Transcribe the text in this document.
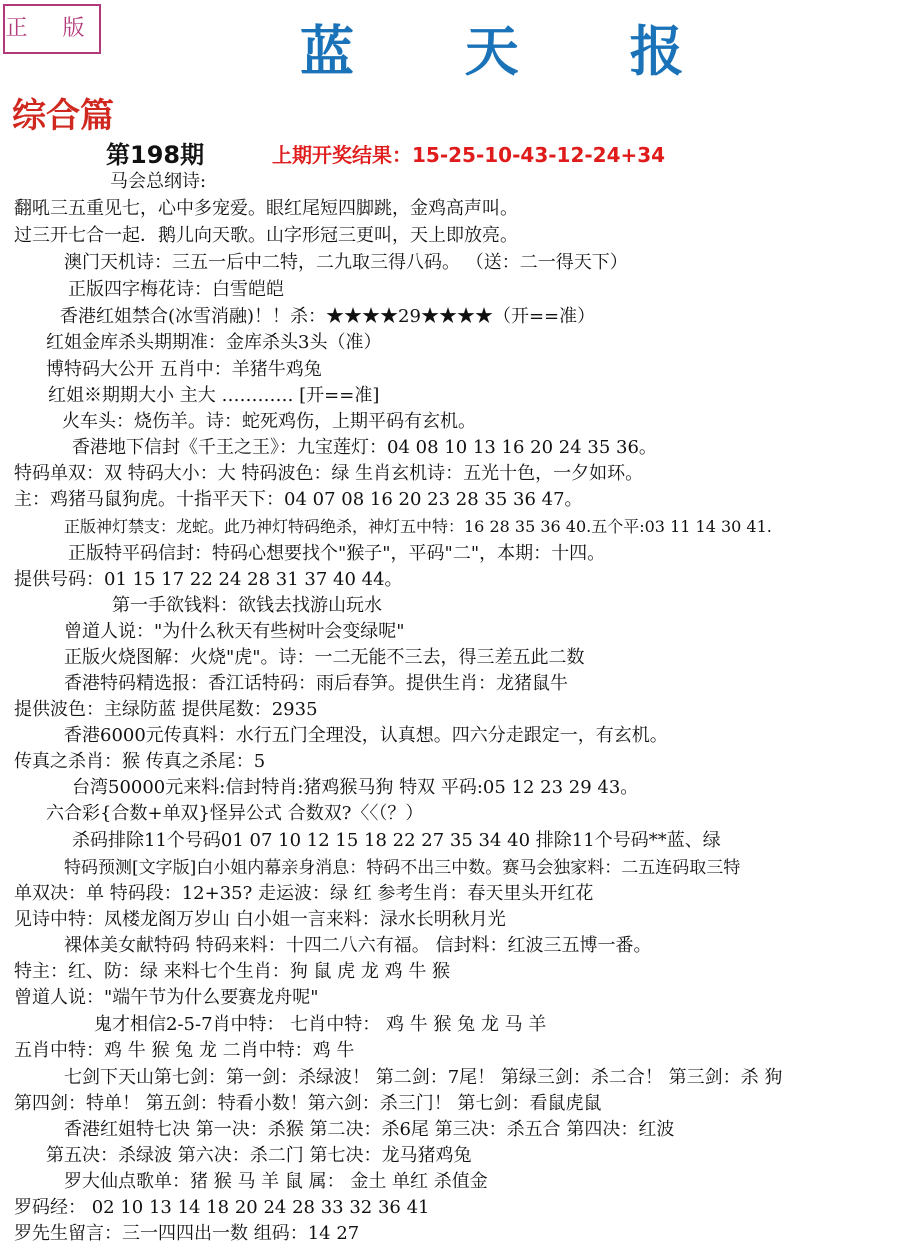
正 版	蓝 天 报
综合篇
第198期	上期开奖结果：15-25-10-43-12-24+34
马会总纲诗:
翻吼三五重见七，心中多宠爱。眼红尾短四脚跳，金鸡高声叫。
过三开七合一起．鹅儿向天歌。山字形冠三更叫，天上即放亮。
澳门天机诗：三五一后中二特，二九取三得八码。 （送：二一得天下）
正版四字梅花诗：白雪皑皑
香港红姐禁合(冰雪消融)！！杀：★★★★29★★★★（开==准）
红姐金库杀头期期准：金库杀头3头（准）
博特码大公开 五肖中：羊猪牛鸡兔
红姐※期期大小 主大 ………… [开==准]
火车头：烧伤羊。诗：蛇死鸡伤，上期平码有玄机。
香港地下信封《千王之王》：九宝莲灯：04 08 10 13 16 20 24 35 36。
特码单双：双 特码大小：大 特码波色：绿 生肖玄机诗：五光十色，一夕如环。
主：鸡猪马鼠狗虎。十指平天下：04 07 08 16 20 23 28 35 36 47。
正版神灯禁支：龙蛇。此乃神灯特码绝杀，神灯五中特：16 28 35 36 40.五个平:03 11 14 30 41.
正版特平码信封：特码心想要找个"猴子"，平码"二"，本期：十四。
提供号码：01 15 17 22 24 28 31 37 40 44。
第一手欲钱料：欲钱去找游山玩水
曾道人说："为什么秋天有些树叶会变绿呢"
正版火烧图解：火烧"虎"。诗：一二无能不三去，得三差五此二数
香港特码精选报：香江话特码：雨后春笋。提供生肖：龙猪鼠牛
提供波色：主绿防蓝 提供尾数：2935
香港6000元传真料：水行五门全理没，认真想。四六分走跟定一，有玄机。
传真之杀肖：猴 传真之杀尾：5
台湾50000元来料:信封特肖:猪鸡猴马狗 特双 平码:05 12 23 29 43。
六合彩{合数+单双}怪异公式 合数双?〈〈（？）
杀码排除11个号码01 07 10 12 15 18 22 27 35 34 40 排除11个号码**蓝、绿
特码预测[文字版]白小姐内幕亲身消息：特码不出三中数。赛马会独家料：二五连码取三特
单双决：单 特码段：12+35? 走运波：绿 红 参考生肖：春天里头开红花
见诗中特：凤楼龙阁万岁山 白小姐一言来料：渌水长明秋月光
裸体美女献特码 特码来料：十四二八六有福。 信封料：红波三五博一番。
特主：红、防：绿 来料七个生肖：狗 鼠 虎 龙 鸡 牛 猴
曾道人说："端午节为什么要赛龙舟呢"
鬼才相信2-5-7肖中特： 七肖中特： 鸡 牛 猴 兔 龙 马 羊
五肖中特：鸡 牛 猴 兔 龙 二肖中特：鸡 牛
七剑下天山第七剑：第一剑：杀绿波！ 第二剑：7尾！ 第绿三剑：杀二合！ 第三剑：杀 狗
第四剑：特单！ 第五剑：特看小数！第六剑：杀三门！ 第七剑：看鼠虎鼠
香港红姐特七决 第一决：杀猴 第二决：杀6尾 第三决：杀五合 第四决：红波
第五决：杀绿波 第六决：杀二门 第七决：龙马猪鸡兔
罗大仙点歌单：猪 猴 马 羊 鼠 属： 金土 单红 杀值金
罗码经： 02 10 13 14 18 20 24 28 33 32 36 41
罗先生留言：三一四四出一数 组码：14 27
